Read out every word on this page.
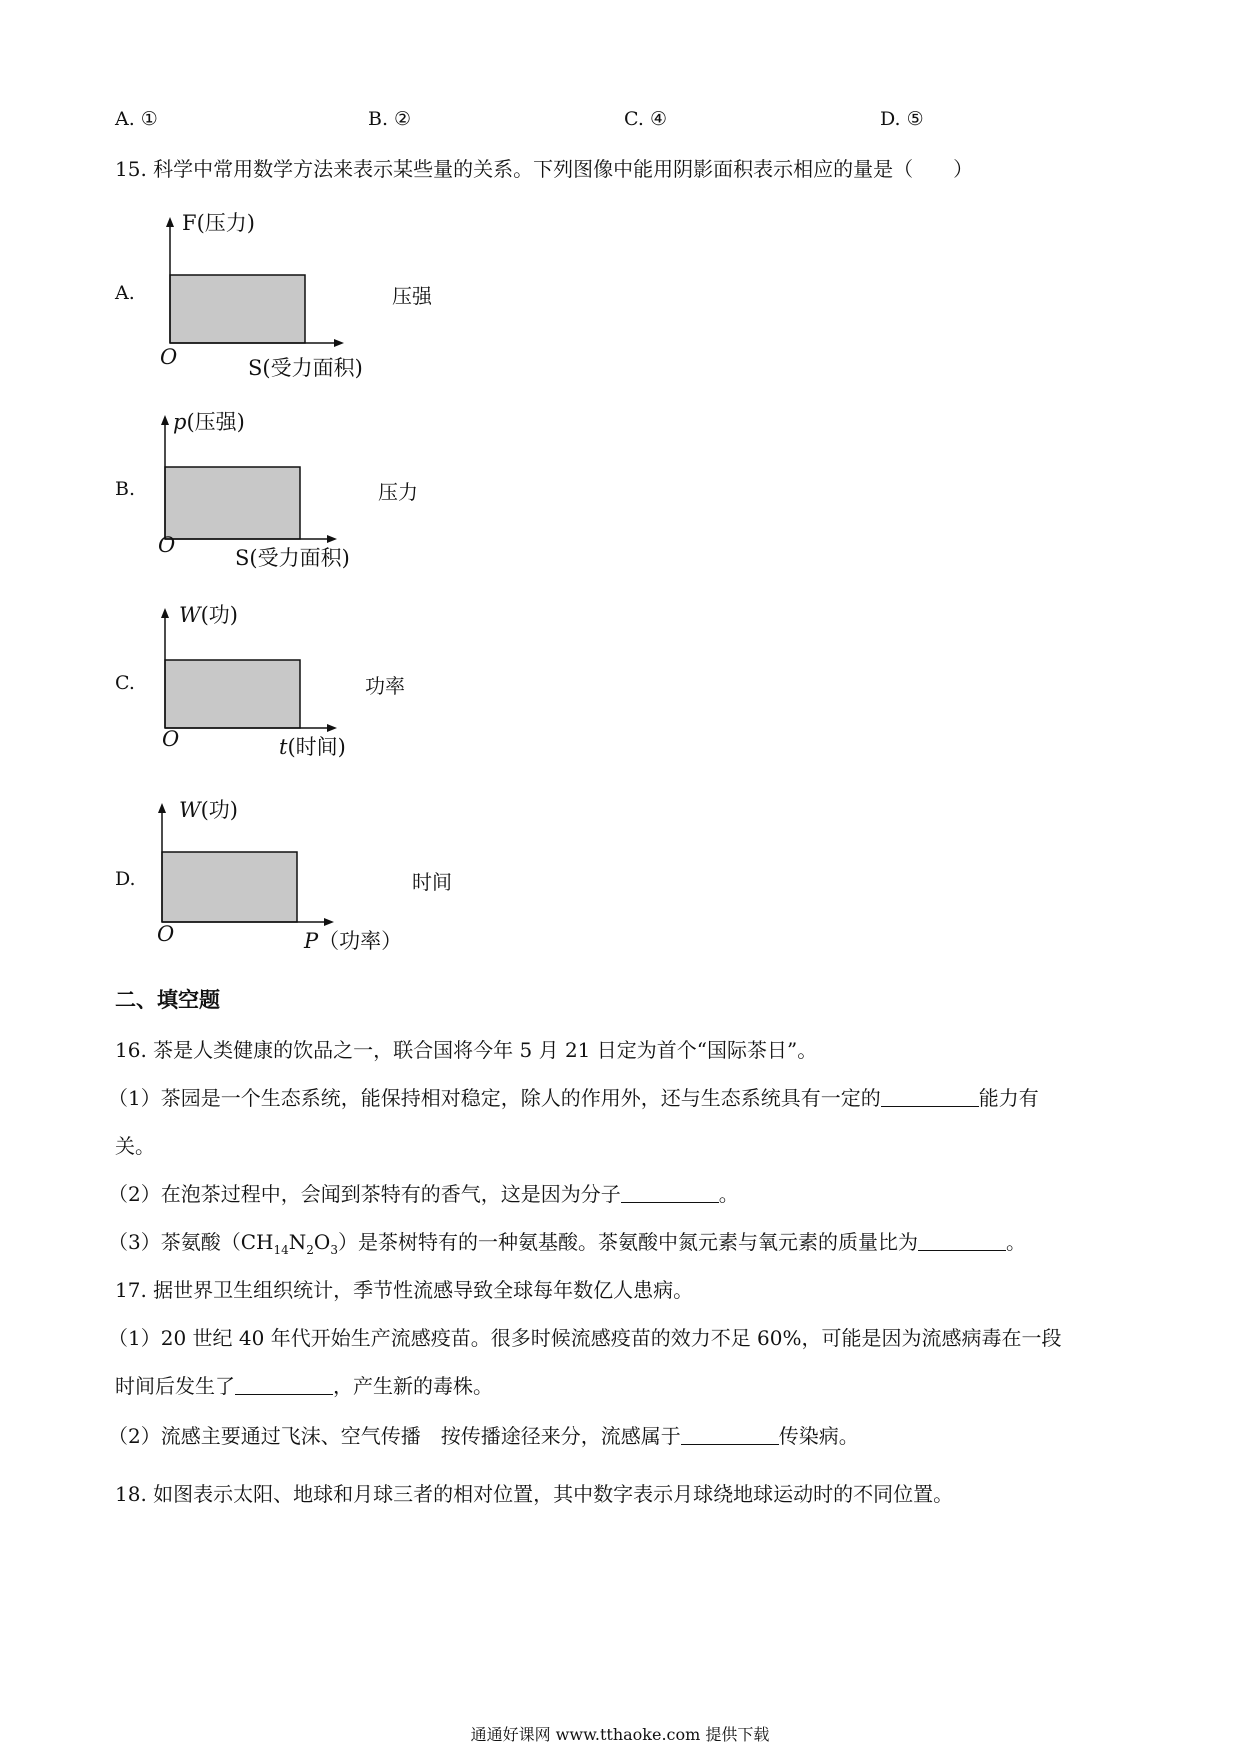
A. ①	B. ②	C. ④	D. ⑤
15. 科学中常用数学方法来表示某些量的关系。下列图像中能用阴影面积表示相应的量是（　　）
A.
F(压力)
O	S(受力面积)
压强
B.
p(压强)
O
S(受力面积)
压力
C.
W(功)
O	t(时间)
功率
D.
W(功)
O	P（功率）
时间
二、填空题
16. 茶是人类健康的饮品之一，联合国将今年 5 月 21 日定为首个“国际茶日”。
（1）茶园是一个生态系统，能保持相对稳定，除人的作用外，还与生态系统具有一定的	能力有
关。
（2）在泡茶过程中，会闻到茶特有的香气，这是因为分子	。
（3）茶氨酸$(CH_{14}N_2O_3)$是茶树特有的一种氨基酸。茶氨酸中氮元素与氧元素的质量比为	。
17. 据世界卫生组织统计，季节性流感导致全球每年数亿人患病。
（1）20 世纪 40 年代开始生产流感疫苗。很多时候流感疫苗的效力不足 60%，可能是因为流感病毒在一段
时间后发生了	，产生新的毒株。
（2）流感主要通过飞沫、空气传播　按传播途径来分，流感属于	传染病。
18. 如图表示太阳、地球和月球三者的相对位置，其中数字表示月球绕地球运动时的不同位置。
通通好课网 www.tthaoke.com 提供下载
